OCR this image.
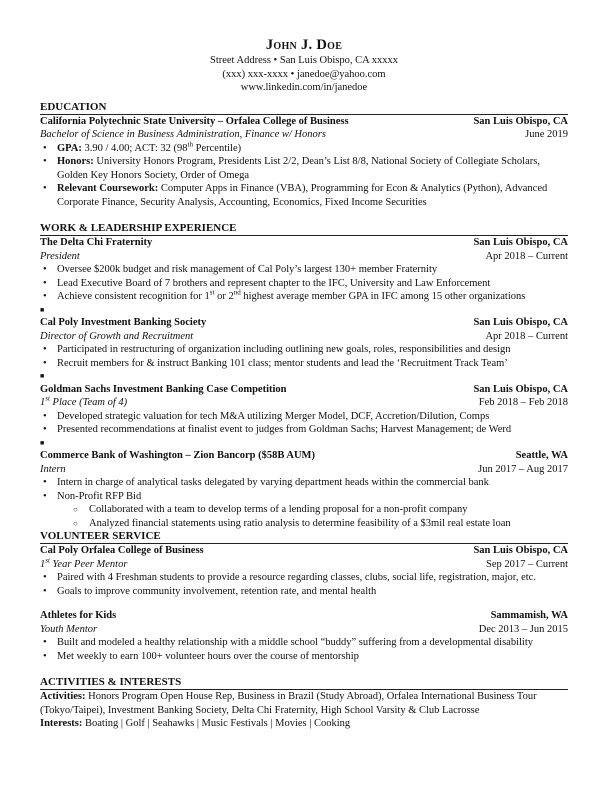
John J. Doe
Street Address • San Luis Obispo, CA xxxxx
(xxx) xxx-xxxx • janedoe@yahoo.com
www.linkedin.com/in/janedoe
EDUCATION
California Polytechnic State University – Orfalea College of Business	San Luis Obispo, CA
Bachelor of Science in Business Administration, Finance w/ Honors	June 2019
• GPA: 3.90 / 4.00; ACT: 32 (98th Percentile)
• Honors: University Honors Program, Presidents List 2/2, Dean’s List 8/8, National Society of Collegiate Scholars, Golden Key Honors Society, Order of Omega
• Relevant Coursework: Computer Apps in Finance (VBA), Programming for Econ & Analytics (Python), Advanced Corporate Finance, Security Analysis, Accounting, Economics, Fixed Income Securities
WORK & LEADERSHIP EXPERIENCE
The Delta Chi Fraternity	San Luis Obispo, CA
President	Apr 2018 – Current
• Oversee $200k budget and risk management of Cal Poly’s largest 130+ member Fraternity
• Lead Executive Board of 7 brothers and represent chapter to the IFC, University and Law Enforcement
• Achieve consistent recognition for 1st or 2nd highest average member GPA in IFC among 15 other organizations
■
Cal Poly Investment Banking Society	San Luis Obispo, CA
Director of Growth and Recruitment	Apr 2018 – Current
• Participated in restructuring of organization including outlining new goals, roles, responsibilities and design
• Recruit members for & instruct Banking 101 class; mentor students and lead the ‘Recruitment Track Team’
■
Goldman Sachs Investment Banking Case Competition	San Luis Obispo, CA
1st Place (Team of 4)	Feb 2018 – Feb 2018
• Developed strategic valuation for tech M&A utilizing Merger Model, DCF, Accretion/Dilution, Comps
• Presented recommendations at finalist event to judges from Goldman Sachs; Harvest Management; de Werd
■
Commerce Bank of Washington – Zion Bancorp ($58B AUM)	Seattle, WA
Intern	Jun 2017 – Aug 2017
• Intern in charge of analytical tasks delegated by varying department heads within the commercial bank
• Non-Profit RFP Bid
○ Collaborated with a team to develop terms of a lending proposal for a non-profit company
○ Analyzed financial statements using ratio analysis to determine feasibility of a $3mil real estate loan
VOLUNTEER SERVICE
Cal Poly Orfalea College of Business	San Luis Obispo, CA
1st Year Peer Mentor	Sep 2017 – Current
• Paired with 4 Freshman students to provide a resource regarding classes, clubs, social life, registration, major, etc.
• Goals to improve community involvement, retention rate, and mental health
Athletes for Kids	Sammamish, WA
Youth Mentor	Dec 2013 – Jun 2015
• Built and modeled a healthy relationship with a middle school “buddy” suffering from a developmental disability
• Met weekly to earn 100+ volunteer hours over the course of mentorship
ACTIVITIES & INTERESTS
Activities: Honors Program Open House Rep, Business in Brazil (Study Abroad), Orfalea International Business Tour (Tokyo/Taipei), Investment Banking Society, Delta Chi Fraternity, High School Varsity & Club Lacrosse
Interests: Boating | Golf | Seahawks | Music Festivals | Movies | Cooking
